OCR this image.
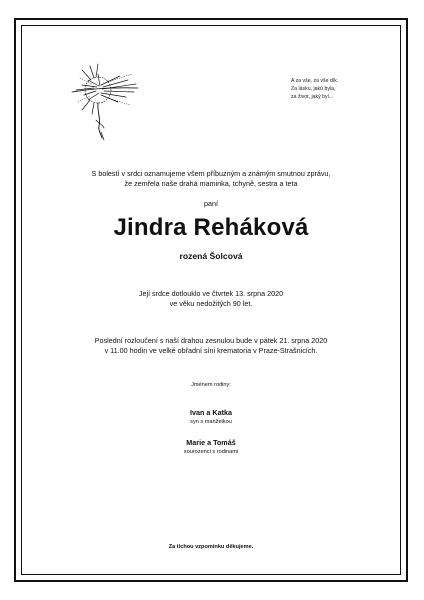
A za vše, za vše dík.
Za lásku, jakú byla,
za život, jaký byl...
S bolestí v srdci oznamujeme všem příbuzným a známým smutnou zprávu,
že zemřela naše drahá maminka, tchyně, sestra a teta
paní
Jindra Reháková
rozená Šolcová
Její srdce dotlouklo ve čtvrtek 13. srpna 2020
ve věku nedožitých 90 let.
Poslední rozloučení s naší drahou zesnulou bude v pátek 21. srpna 2020
v 11.00 hodin ve velké obřadní síni krematoria v Praze-Strašnicích.
Jménem rodiny:
Ivan a Katka
syn s manželkou
Marie a Tomáš
sourozenci s rodinami
Za tichou vzpomínku děkujeme.
